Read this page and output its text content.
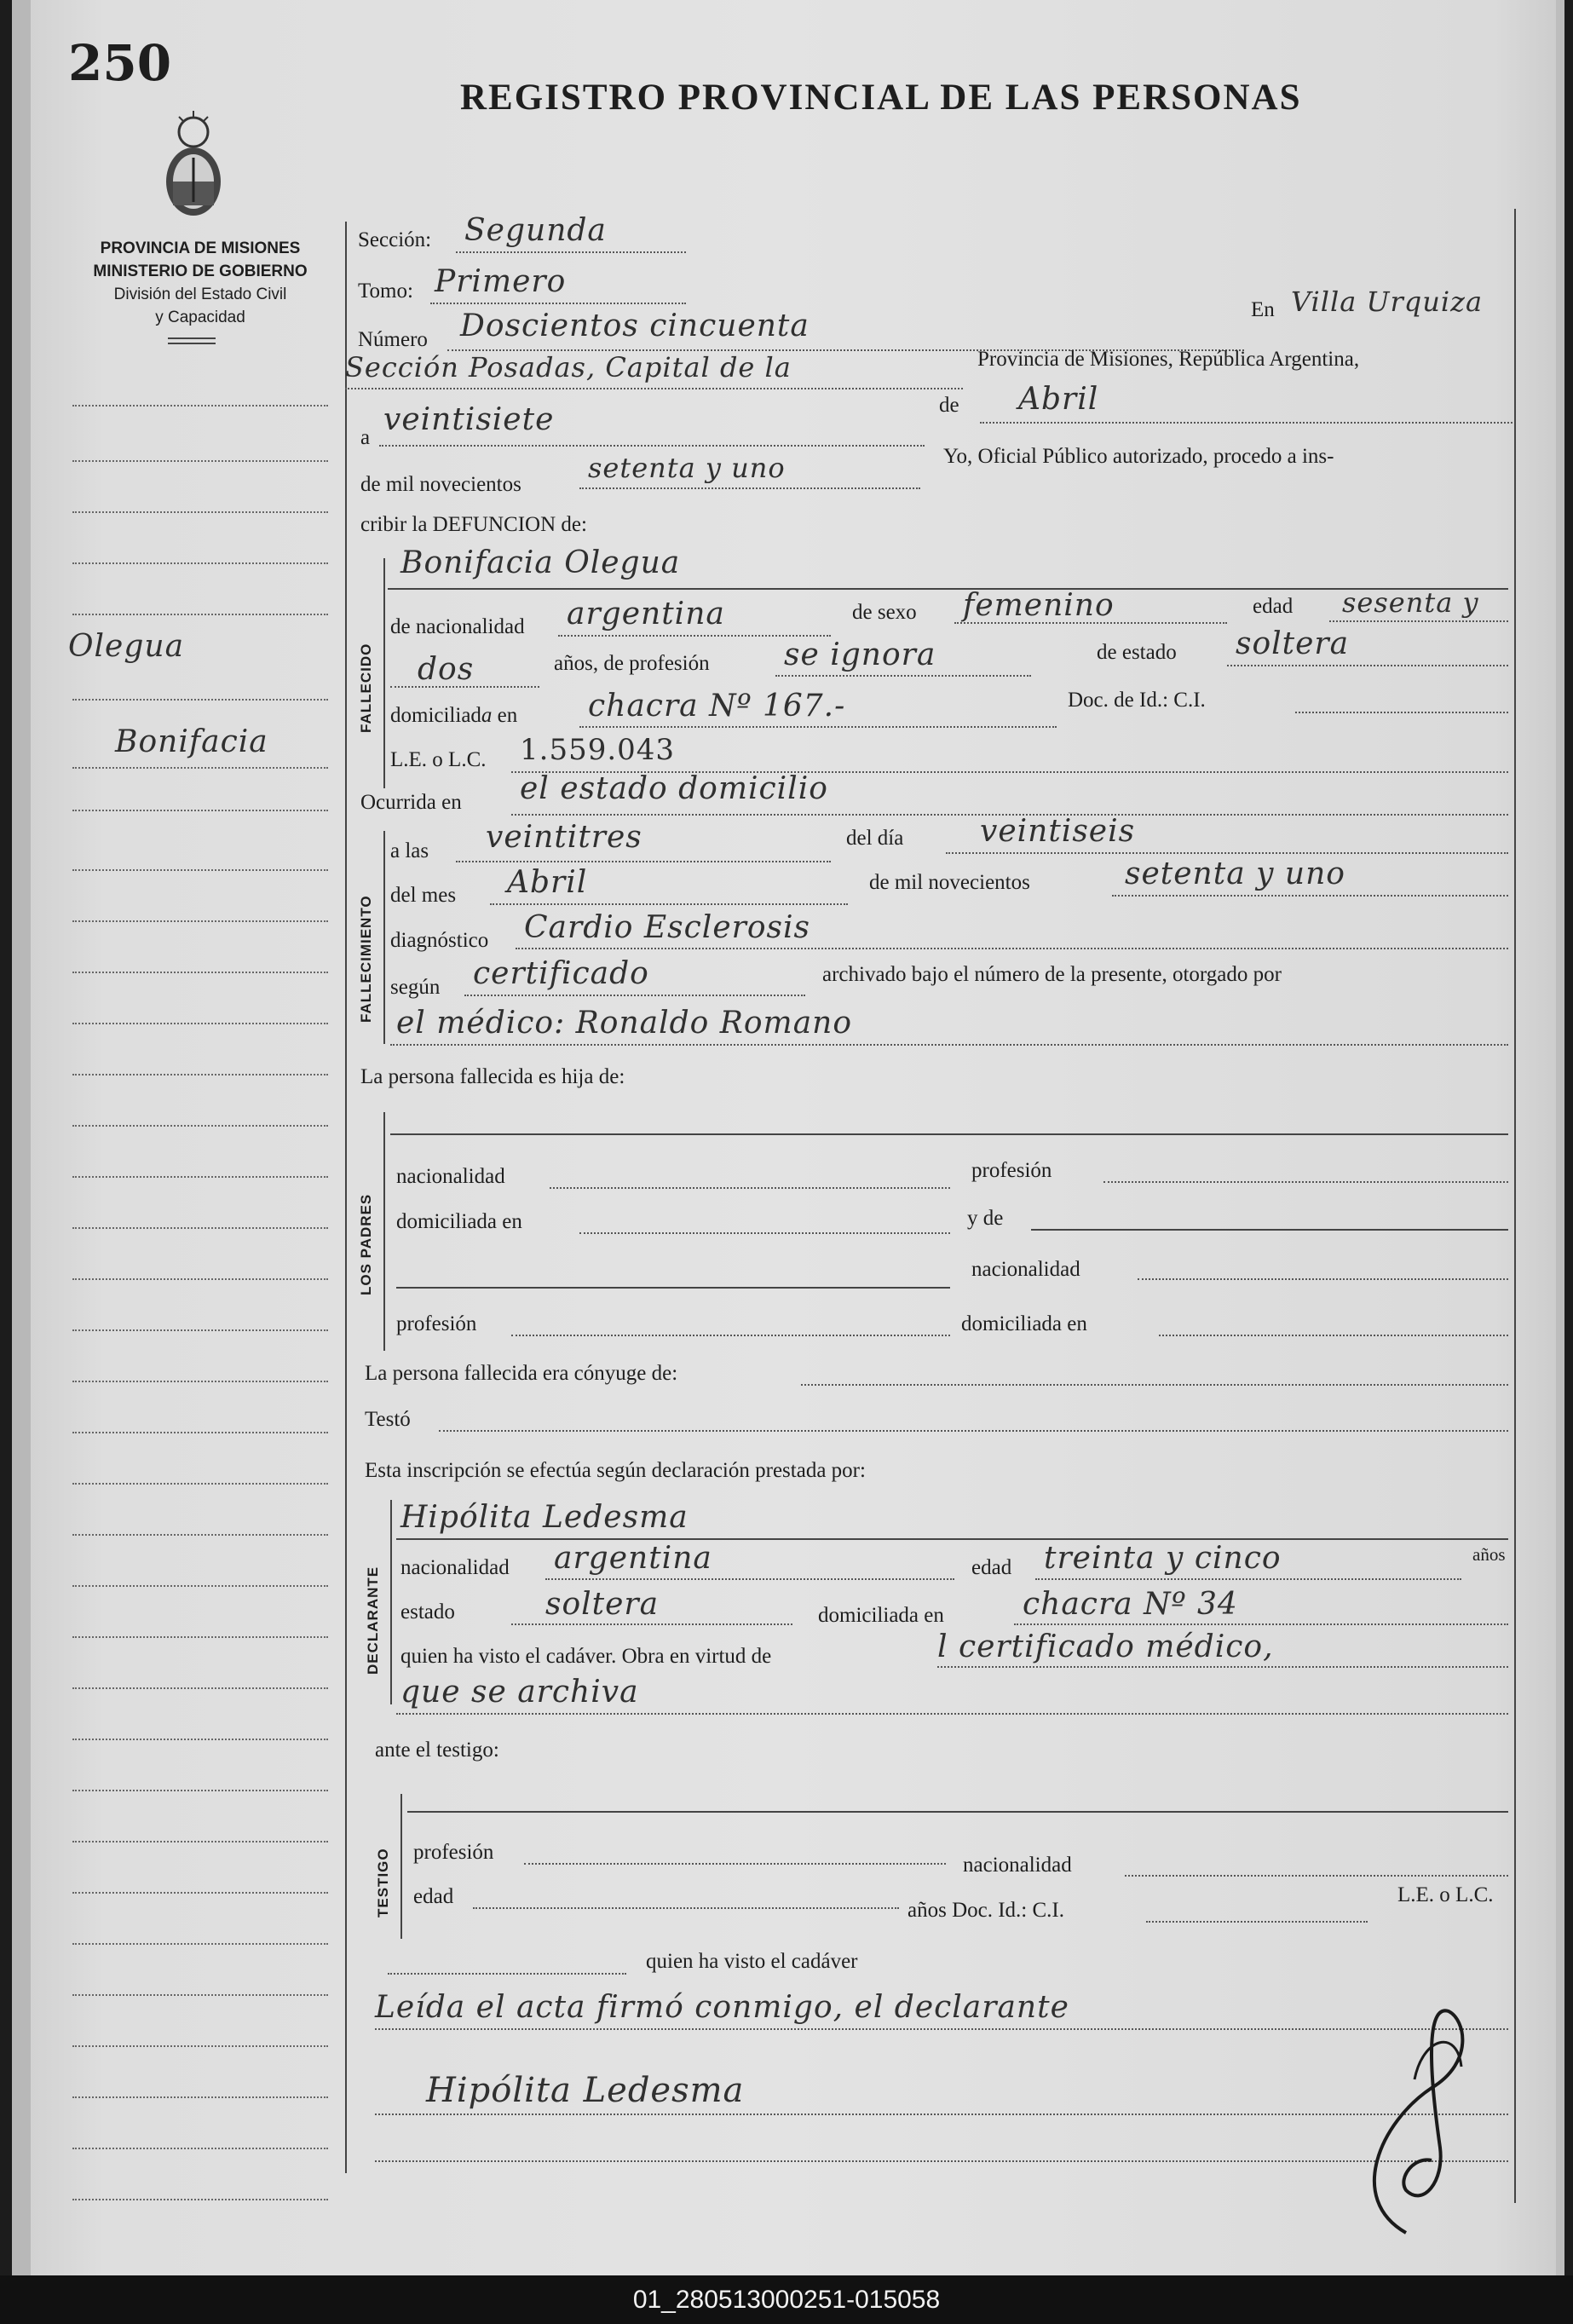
250
REGISTRO PROVINCIAL DE LAS PERSONAS
PROVINCIA DE MISIONES
MINISTERIO DE GOBIERNO
División del Estado Civil
y Capacidad
Olegua
Bonifacia
Sección: Segunda
Tomo: Primero
Número Doscientos cincuenta	En Villa Urquiza
Sección Posadas, Capital de la	Provincia de Misiones, República Argentina,
a
veintisiete	de Abril
de mil novecientos
setenta y uno	Yo, Oficial Público autorizado, procedo a ins-
cribir la DEFUNCION de:
FALLECIDO
Bonifacia Olegua
de nacionalidad argentina	de sexo femenino	edad sesenta y
dos	años, de profesión se ignora	de estado soltera
domiciliada en chacra Nº 167.-	Doc. de Id.: C.I.
L.E. o L.C. 1.559.043
Ocurrida en el estado domicilio
FALLECIMIENTO
a las veintitres	del día veintiseis
del mes Abril	de mil novecientos	setenta y uno
diagnóstico Cardio Esclerosis
según certificado	archivado bajo el número de la presente, otorgado por
el médico: Ronaldo Romano
La persona fallecida es hija de:
LOS PADRES
nacionalidad	profesión
domiciliada en	y de
nacionalidad
profesión	domiciliada en
La persona fallecida era cónyuge de:
Testó
Esta inscripción se efectúa según declaración prestada por:
DECLARANTE
Hipólita Ledesma
nacionalidad argentina	edad treinta y cinco	años
estado	soltera	domiciliada en	chacra Nº 34
quien ha visto el cadáver. Obra en virtud de	l certificado médico,
que se archiva
ante el testigo:
TESTIGO profesión
nacionalidad
edad
años Doc. Id.: C.I.
L.E. o L.C.
quien ha visto el cadáver
Leída el acta firmó conmigo, el declarante
Hipólita Ledesma
01_280513000251-015058
